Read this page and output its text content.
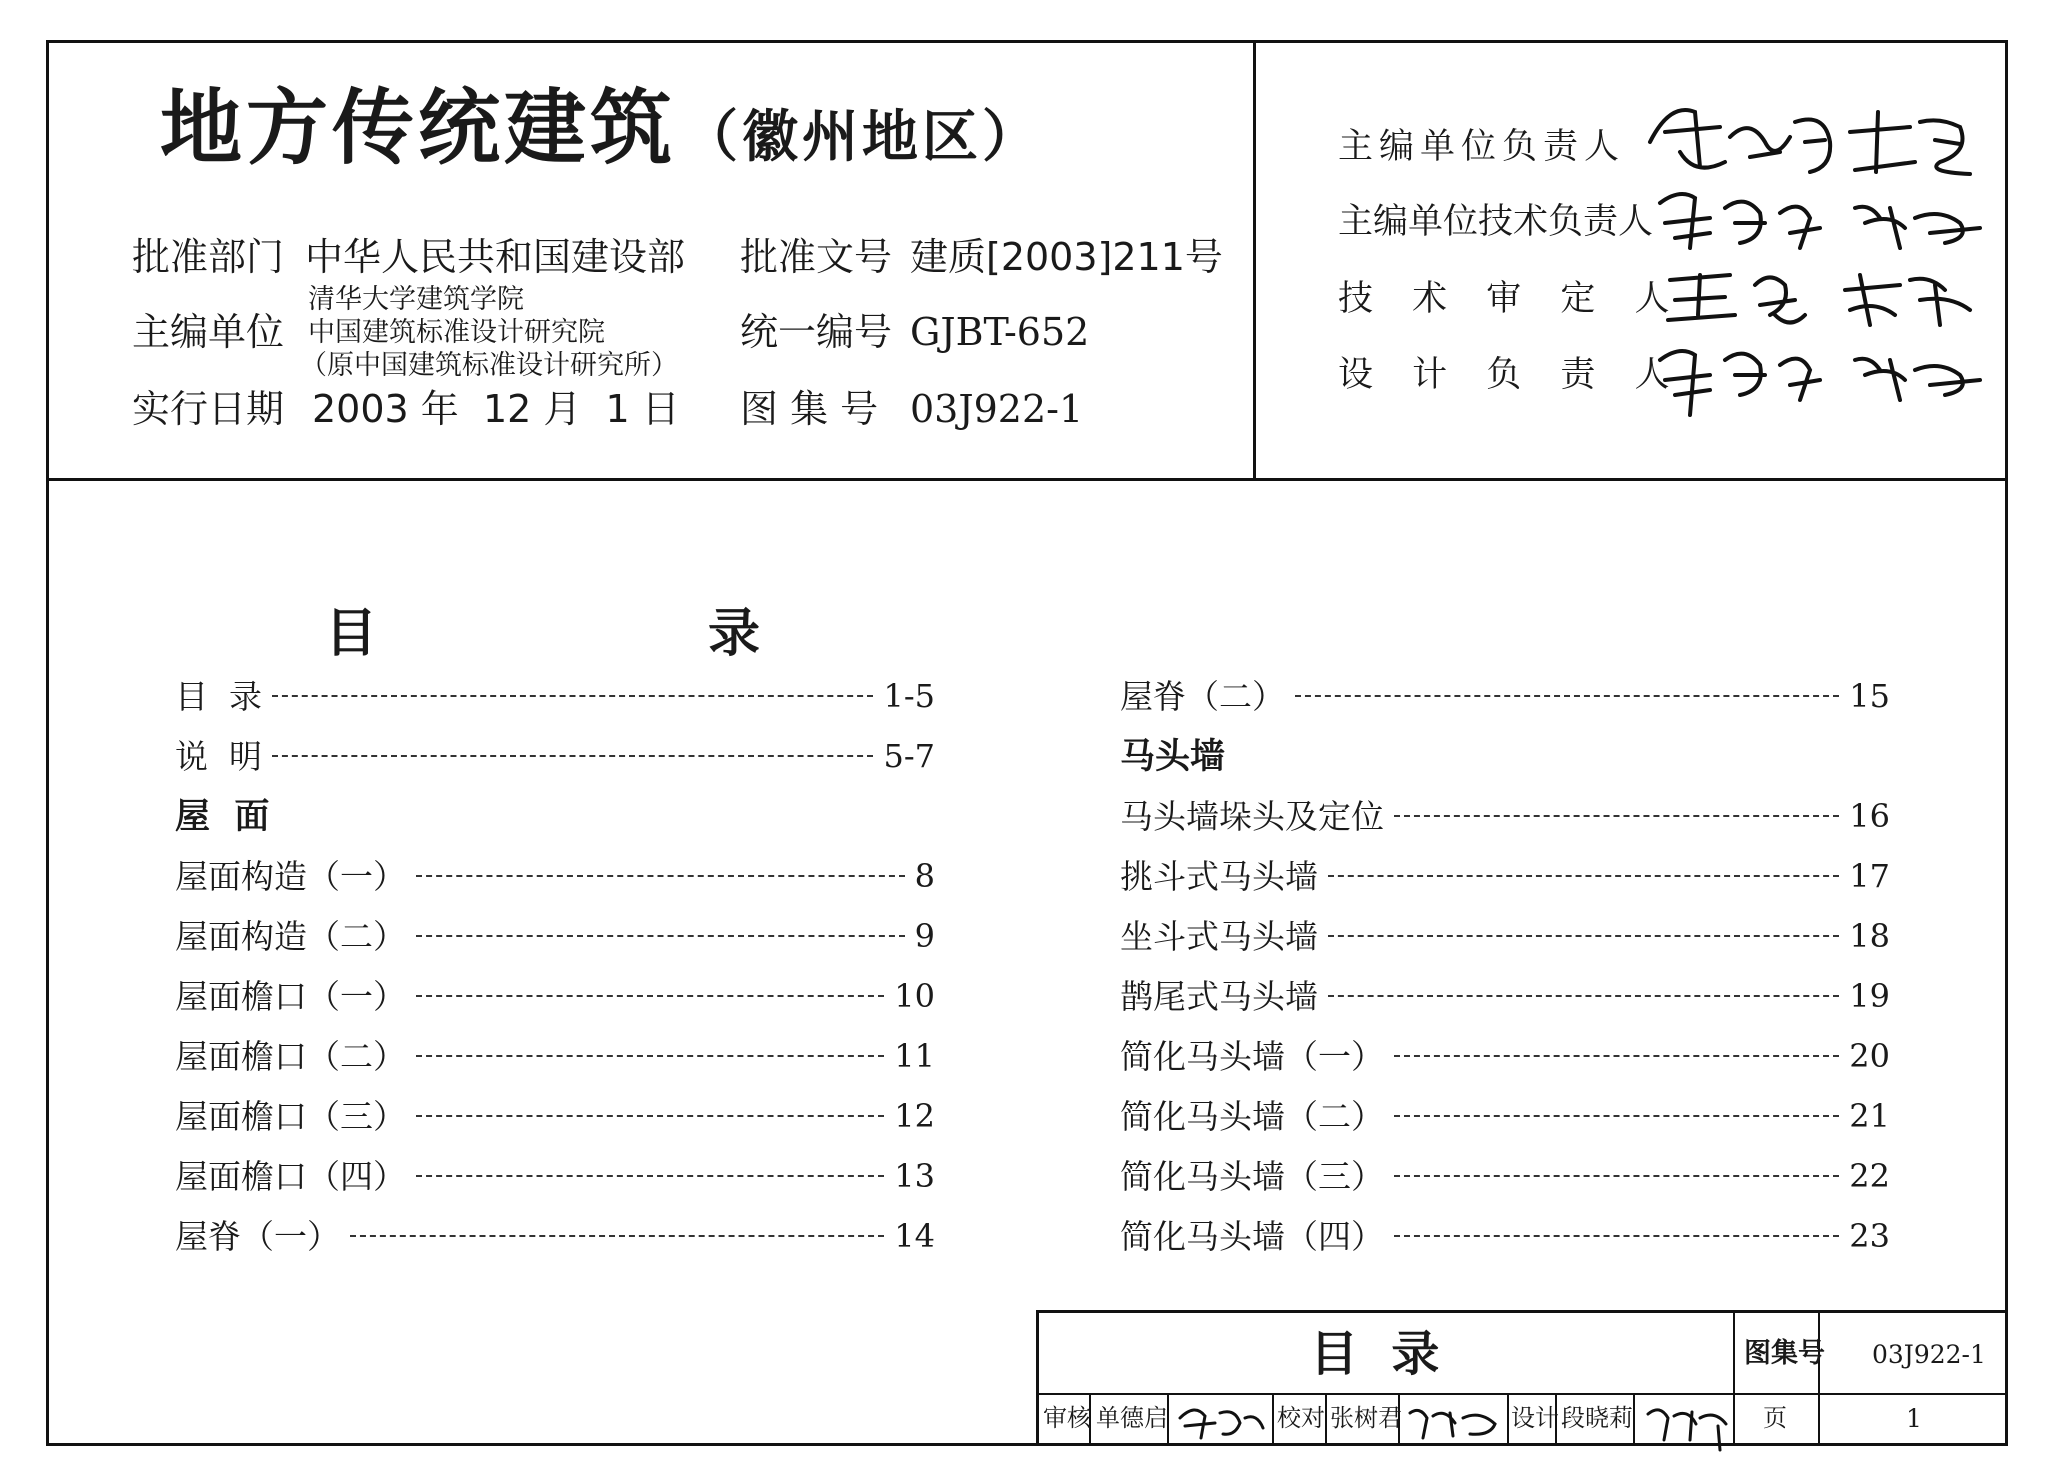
地方传统建筑 （徽州地区）
批准部门 中华人民共和国建设部 批准文号 建质[2003]211号
主编单位
清华大学建筑学院
中国建筑标准设计研究院
（原中国建筑标准设计研究所）
统一编号 GJBT-652
实行日期 2003 年  12 月  1 日 图 集 号 03J922-1
主编单位负责人
主编单位技术负责人
技 术 审 定 人
设 计 负 责 人
目	录
目  录	1-5
说  明	5-7
屋  面
屋面构造（一）	8
屋面构造（二）	9
屋面檐口（一）	10
屋面檐口（二）	11
屋面檐口（三）	12
屋面檐口（四）	13
屋脊（一）	14
屋脊（二）	15
马头墙
马头墙垛头及定位	16
挑斗式马头墙	17
坐斗式马头墙	18
鹊尾式马头墙	19
简化马头墙（一）	20
简化马头墙（二）	21
简化马头墙（三）	22
简化马头墙（四）	23
目  录	图集号 03J922-1
审核 单德启	校对 张树君	设计 段晓莉	页	1
